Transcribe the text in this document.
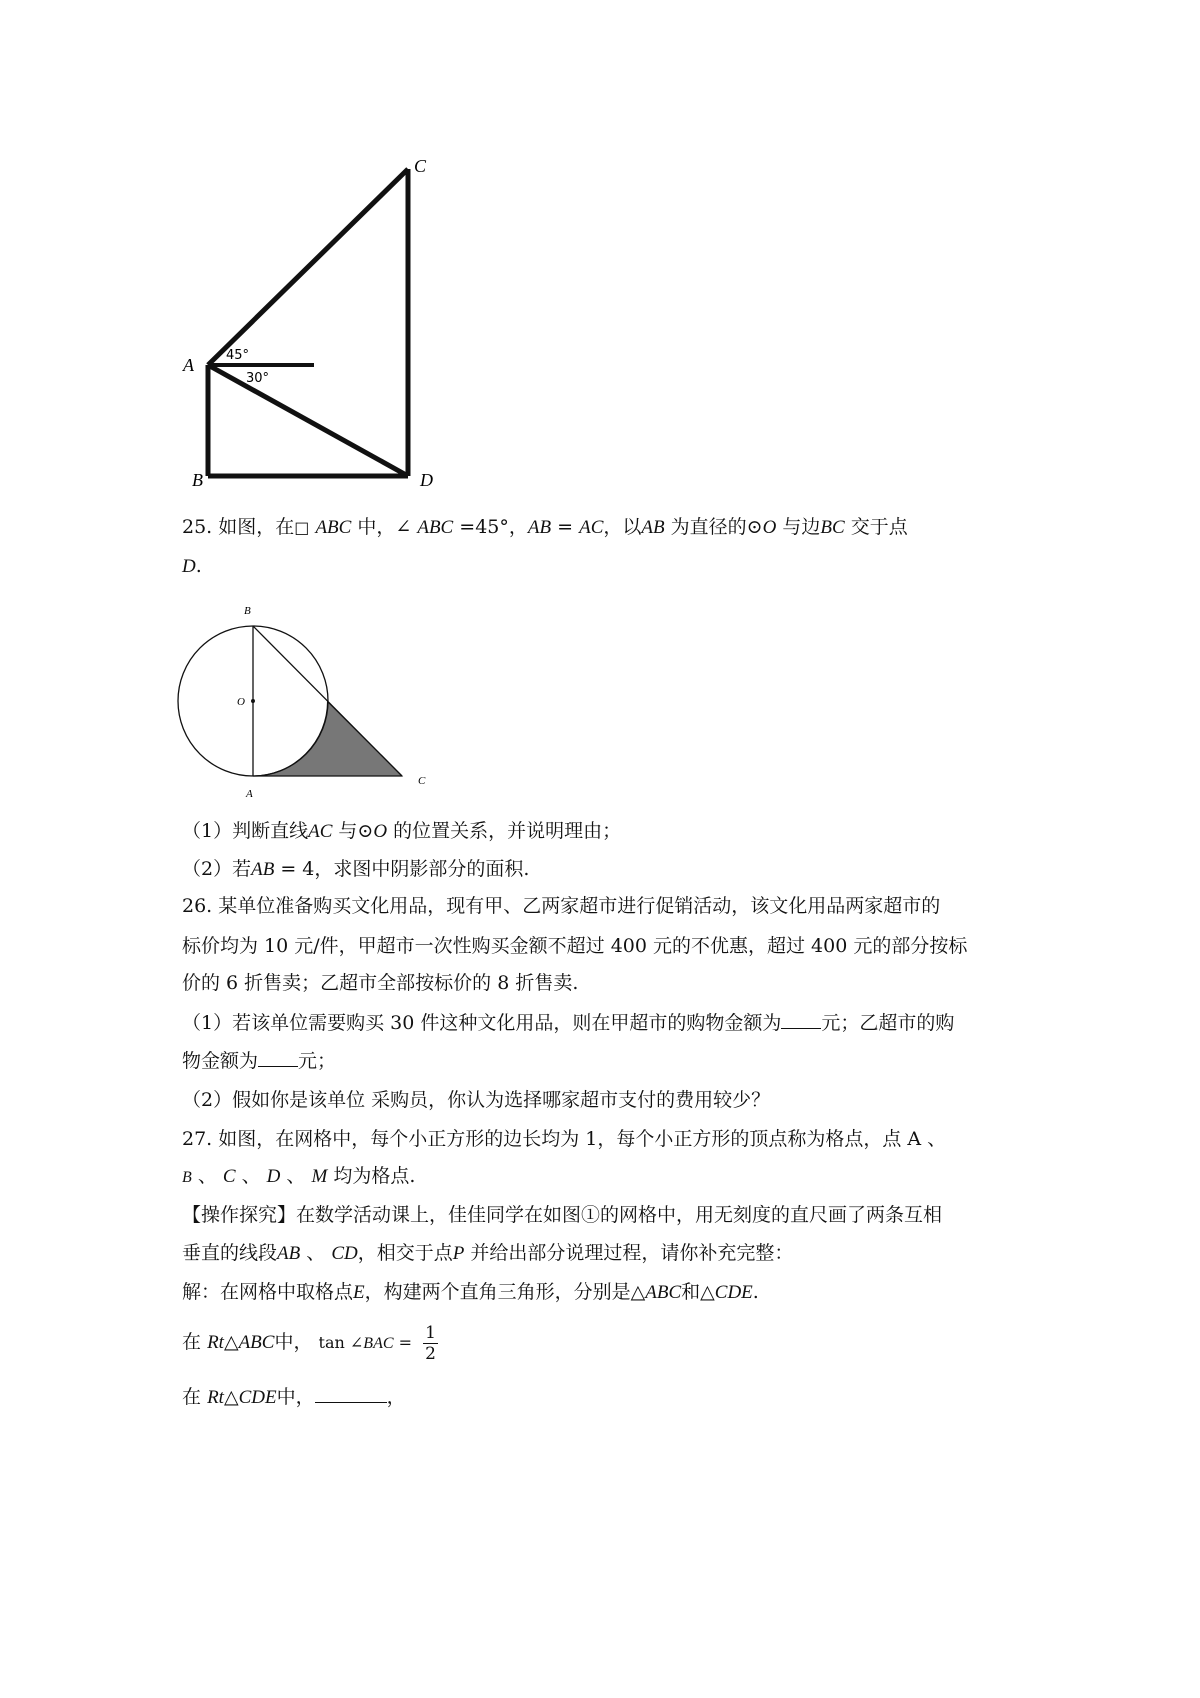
C
A
B	D
45°
30°
25. 如图，在□ ABC 中，∠ ABC =45°，AB = AC，以AB 为直径的⊙O 与边BC 交于点
D.
B
O
A
C
（1）判断直线AC 与⊙O 的位置关系，并说明理由；
（2）若AB = 4，求图中阴影部分的面积.
26. 某单位准备购买文化用品，现有甲、乙两家超市进行促销活动，该文化用品两家超市的
标价均为 10 元/件，甲超市一次性购买金额不超过 400 元的不优惠，超过 400 元的部分按标
价的 6 折售卖；乙超市全部按标价的 8 折售卖.
（1）若该单位需要购买 30 件这种文化用品，则在甲超市的购物金额为 元；乙超市的购
物金额为 元；
（2）假如你是该单位 采购员，你认为选择哪家超市支付的费用较少？
27. 如图，在网格中，每个小正方形的边长均为 1，每个小正方形的顶点称为格点，点 A 、
B 、 C 、 D 、 M 均为格点.
【操作探究】在数学活动课上，佳佳同学在如图①的网格中，用无刻度的直尺画了两条互相
垂直的线段AB 、 CD，相交于点P 并给出部分说理过程，请你补充完整：
解：在网格中取格点E，构建两个直角三角形，分别是△ABC和△CDE.
在 Rt△ABC中， tan ∠BAC = $\frac{1}{2}$
在 Rt△CDE中，	，
